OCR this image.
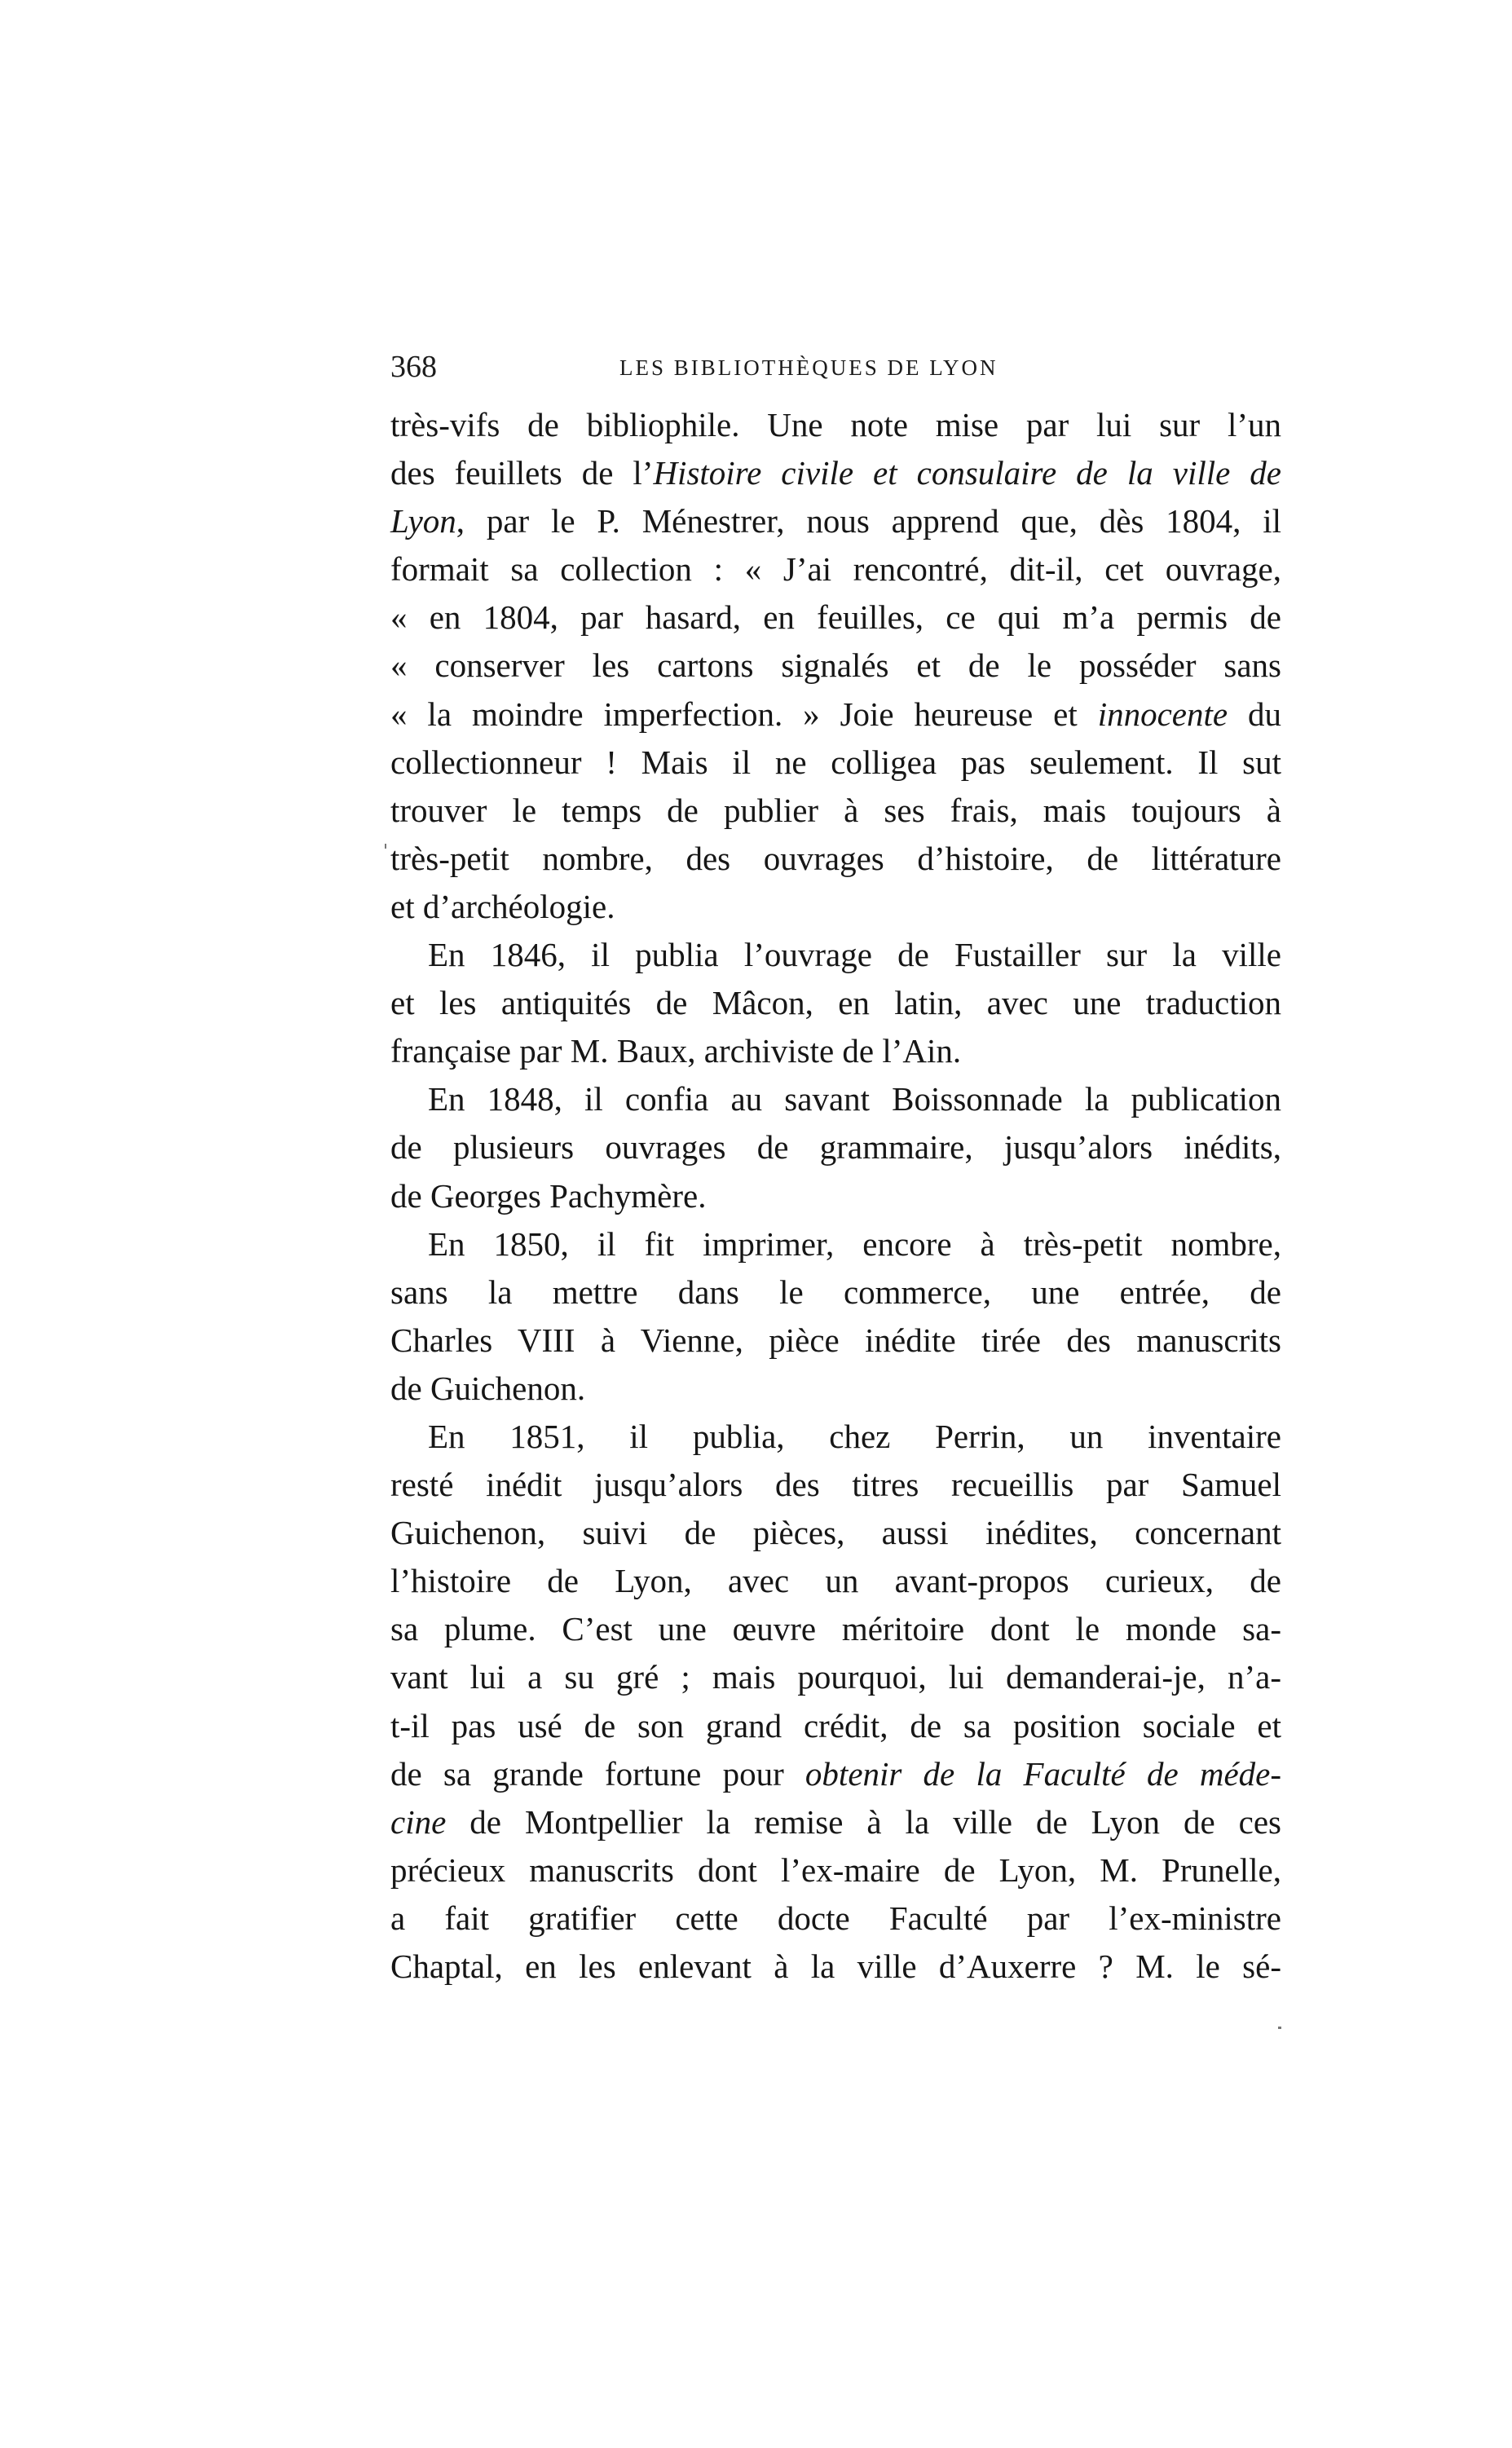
368	LES BIBLIOTHÈQUES DE LYON
très-vifs de bibliophile. Une note mise par lui sur l’un
des feuillets de l’Histoire civile et consulaire de la ville de
Lyon, par le P. Ménestrer, nous apprend que, dès 1804, il
formait sa collection : « J’ai rencontré, dit-il, cet ouvrage,
« en 1804, par hasard, en feuilles, ce qui m’a permis de
« conserver les cartons signalés et de le posséder sans
« la moindre imperfection. » Joie heureuse et innocente du
collectionneur ! Mais il ne colligea pas seulement. Il sut
trouver le temps de publier à ses frais, mais toujours à
très-petit nombre, des ouvrages d’histoire, de littérature
et d’archéologie.
En 1846, il publia l’ouvrage de Fustailler sur la ville
et les antiquités de Mâcon, en latin, avec une traduction
française par M. Baux, archiviste de l’Ain.
En 1848, il confia au savant Boissonnade la publication
de plusieurs ouvrages de grammaire, jusqu’alors inédits,
de Georges Pachymère.
En 1850, il fit imprimer, encore à très-petit nombre,
sans la mettre dans le commerce, une entrée, de
Charles VIII à Vienne, pièce inédite tirée des manuscrits
de Guichenon.
En 1851, il publia, chez Perrin, un inventaire
resté inédit jusqu’alors des titres recueillis par Samuel
Guichenon, suivi de pièces, aussi inédites, concernant
l’histoire de Lyon, avec un avant-propos curieux, de
sa plume. C’est une œuvre méritoire dont le monde sa-
vant lui a su gré ; mais pourquoi, lui demanderai-je, n’a-
t-il pas usé de son grand crédit, de sa position sociale et
de sa grande fortune pour obtenir de la Faculté de méde-
cine de Montpellier la remise à la ville de Lyon de ces
précieux manuscrits dont l’ex-maire de Lyon, M. Prunelle,
a fait gratifier cette docte Faculté par l’ex-ministre
Chaptal, en les enlevant à la ville d’Auxerre ? M. le sé-
